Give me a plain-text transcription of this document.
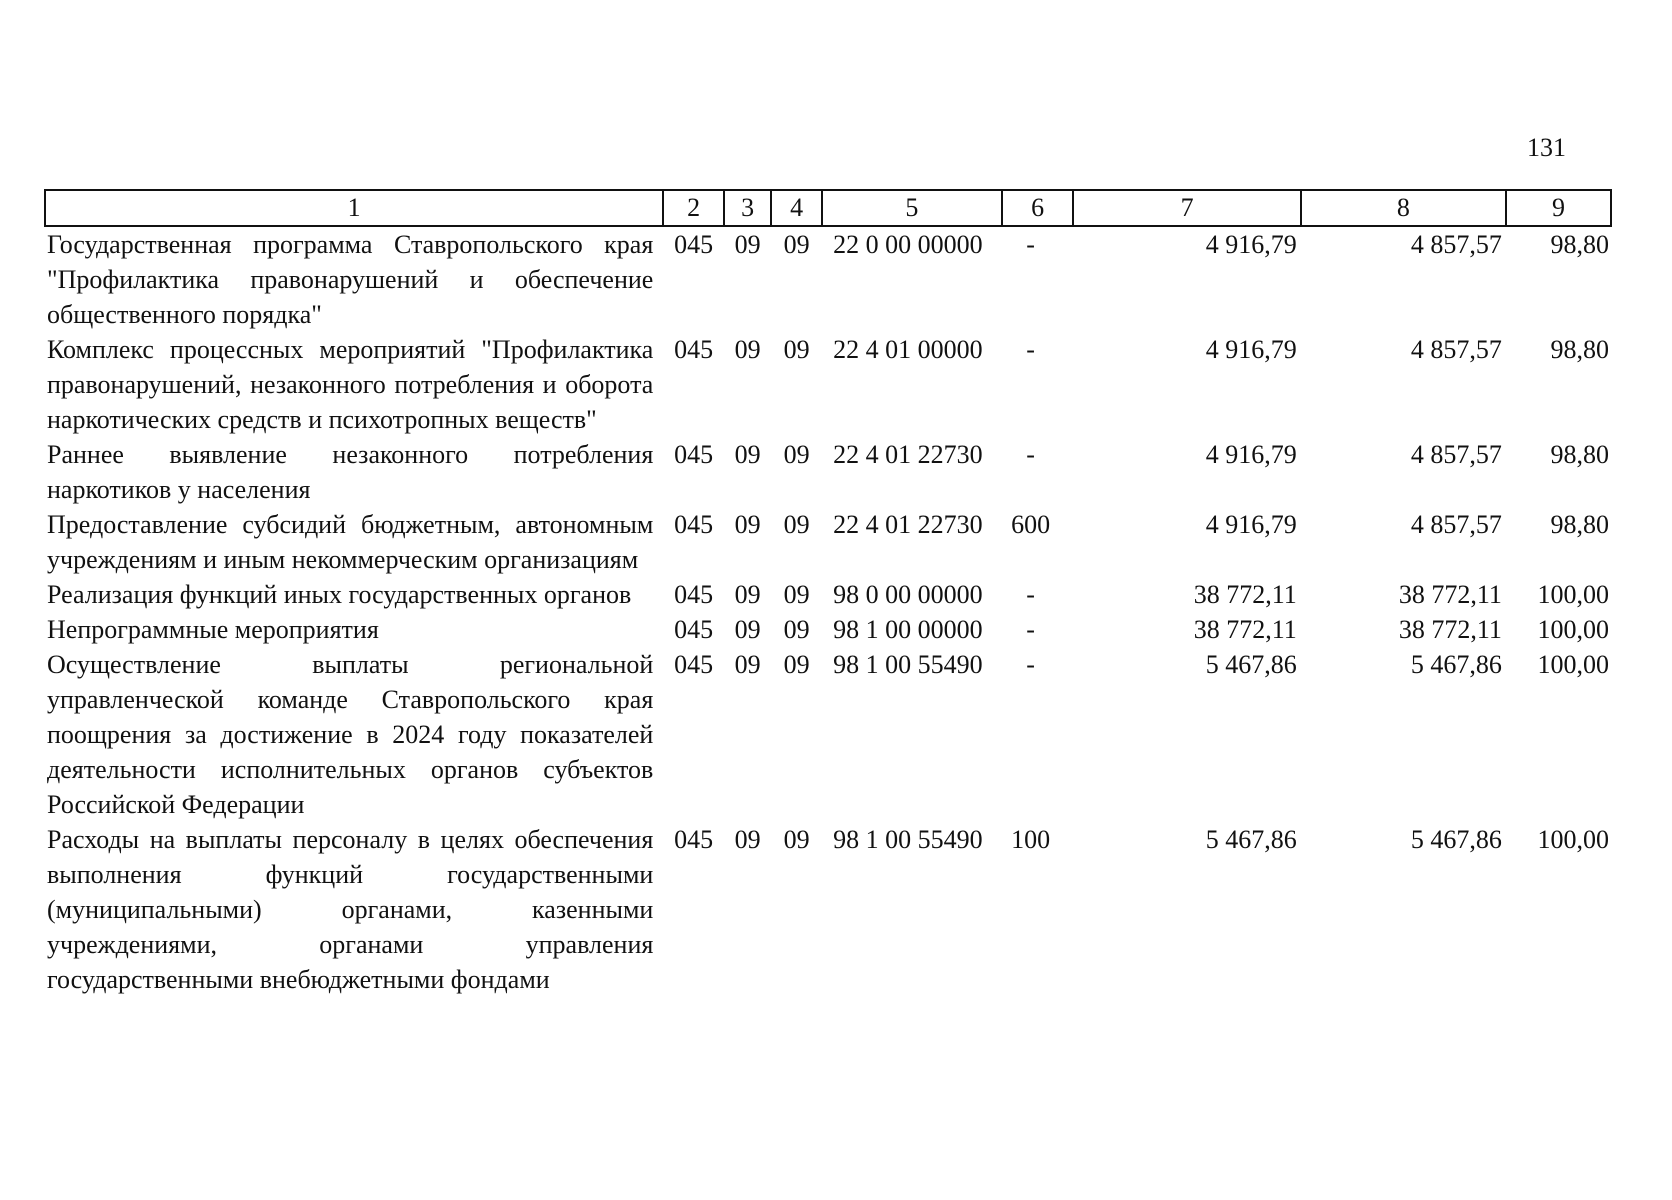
131
1	2	3	4	5	6	7	8	9
Государственная программа Ставропольского края "Профилактика правонарушений и обеспечение общественного порядка"	045	09	09	22 0 00 00000	-	4 916,79	4 857,57	98,80
Комплекс процессных мероприятий "Профилактика правонарушений, незаконного потребления и оборота наркотических средств и психотропных веществ"	045	09	09	22 4 01 00000	-	4 916,79	4 857,57	98,80
Раннее выявление незаконного потребления наркотиков у населения	045	09	09	22 4 01 22730	-	4 916,79	4 857,57	98,80
Предоставление субсидий бюджетным, автономным учреждениям и иным некоммерческим организациям	045	09	09	22 4 01 22730	600	4 916,79	4 857,57	98,80
Реализация функций иных государственных органов	045	09	09	98 0 00 00000	-	38 772,11	38 772,11	100,00
Непрограммные мероприятия	045	09	09	98 1 00 00000	-	38 772,11	38 772,11	100,00
Осуществление выплаты региональной управленческой команде Ставропольского края поощрения за достижение в 2024 году показателей деятельности исполнительных органов субъектов Российской Федерации	045	09	09	98 1 00 55490	-	5 467,86	5 467,86	100,00
Расходы на выплаты персоналу в целях обеспечения выполнения функций государственными (муниципальными) органами, казенными учреждениями, органами управления государственными внебюджетными фондами	045	09	09	98 1 00 55490	100	5 467,86	5 467,86	100,00
